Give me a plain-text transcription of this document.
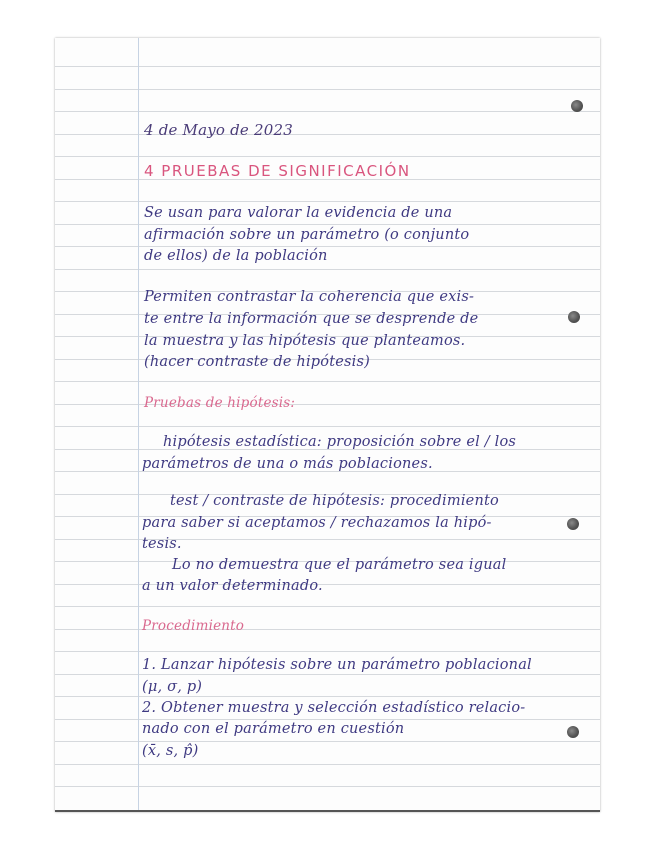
4 de Mayo de 2023
4 PRUEBAS DE SIGNIFICACIÓN
Se usan para valorar la evidencia de una
afirmación sobre un parámetro (o conjunto
de ellos) de la población
Permiten contrastar la coherencia que exis-
te entre la información que se desprende de
la muestra y las hipótesis que planteamos.
(hacer contraste de hipótesis)
Pruebas de hipótesis:
hipótesis estadística: proposición sobre el / los
parámetros de una o más poblaciones.
test / contraste de hipótesis: procedimiento
para saber si aceptamos / rechazamos la hipó-
tesis.
Lo no demuestra que el parámetro sea igual
a un valor determinado.
Procedimiento
1. Lanzar hipótesis sobre un parámetro poblacional
(μ, σ, p)
2. Obtener muestra y selección estadístico relacio-
nado con el parámetro en cuestión
(x̄, s, p̂)
